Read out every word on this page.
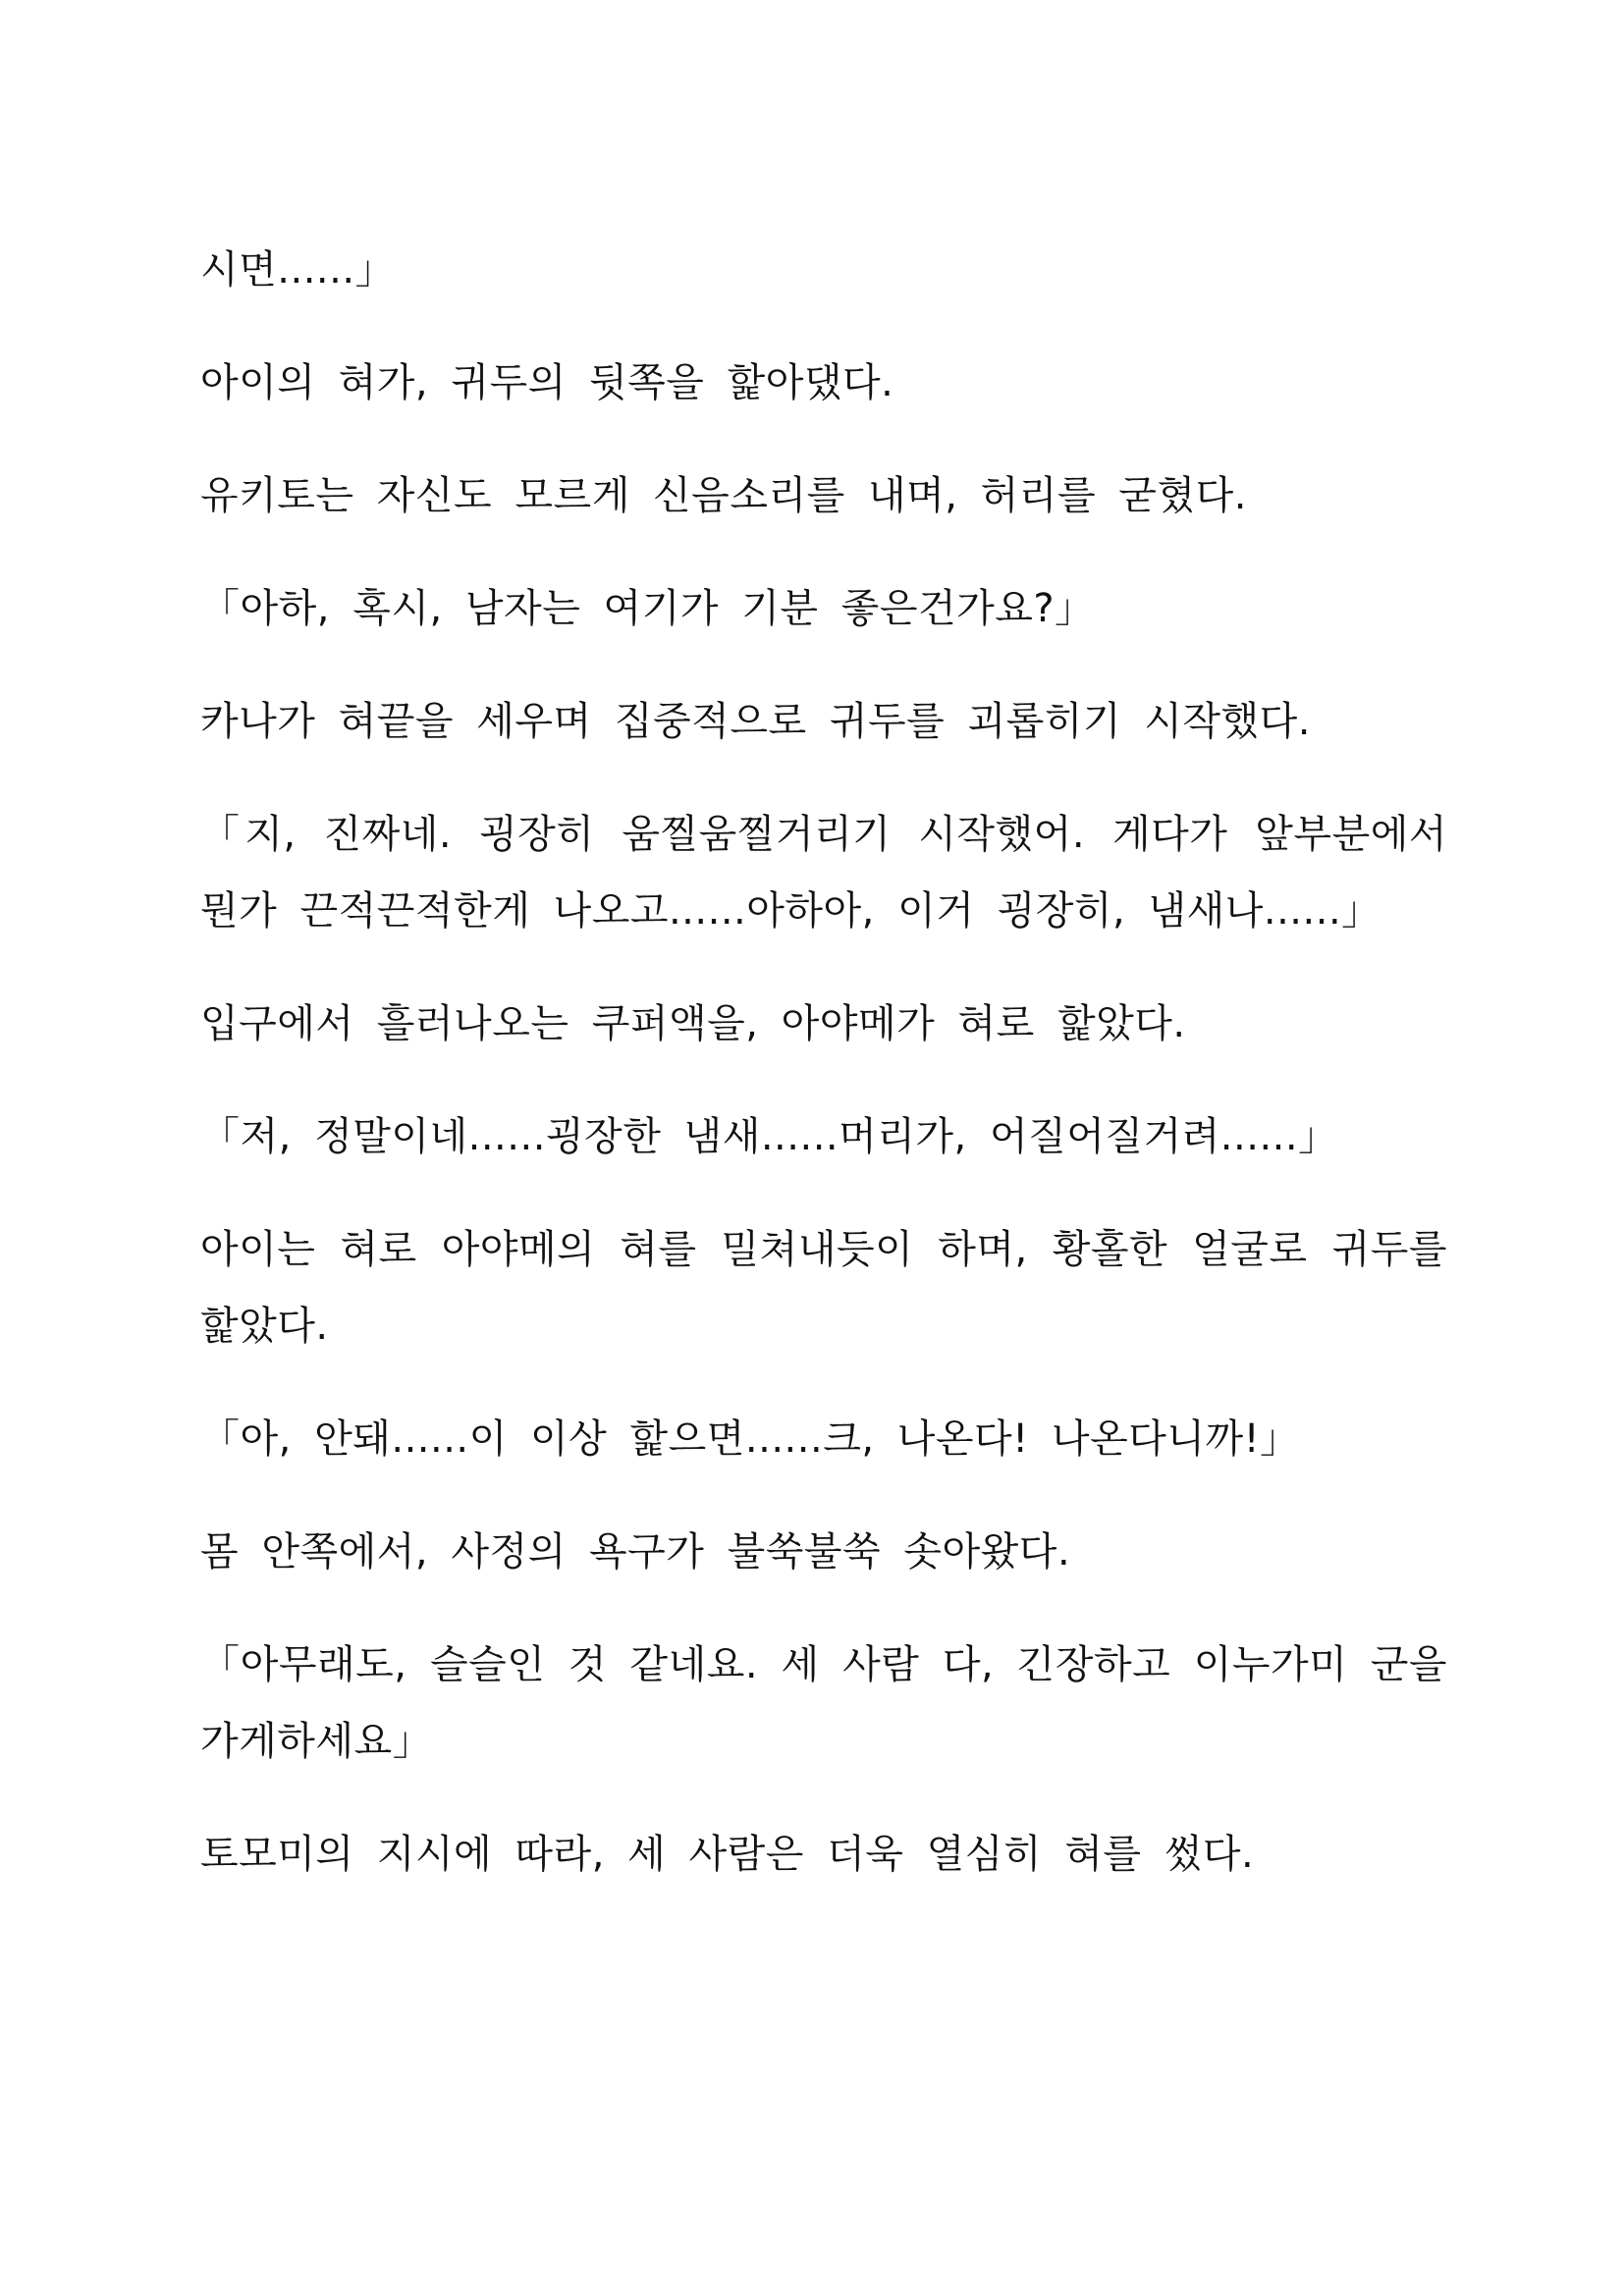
시면......」

아이의 혀가, 귀두의 뒷쪽을 핥아댔다.

유키토는 자신도 모르게 신음소리를 내며, 허리를 굳혔다.

「아하, 혹시, 남자는 여기가 기분 좋은건가요?」

카나가 혀끝을 세우며 집중적으로 귀두를 괴롭히기 시작했다.

「지, 진짜네. 굉장히 움찔움찔거리기 시작했어. 게다가 앞부분에서 뭔가 끈적끈적한게 나오고......아하아, 이거 굉장히, 냄새나......」

입구에서 흘러나오는 쿠퍼액을, 아야메가 혀로 핥았다.

「저, 정말이네......굉장한 냄새......머리가, 어질어질거려......」

아이는 혀로 아야메의 혀를 밀쳐내듯이 하며, 황홀한 얼굴로 귀두를 핥았다.

「아, 안돼......이 이상 핥으면......크, 나온다! 나온다니까!」

몸 안쪽에서, 사정의 욕구가 불쑥불쑥 솟아왔다.

「아무래도, 슬슬인 것 같네요. 세 사람 다, 긴장하고 이누가미 군을 가게하세요」

토모미의 지시에 따라, 세 사람은 더욱 열심히 혀를 썼다.
